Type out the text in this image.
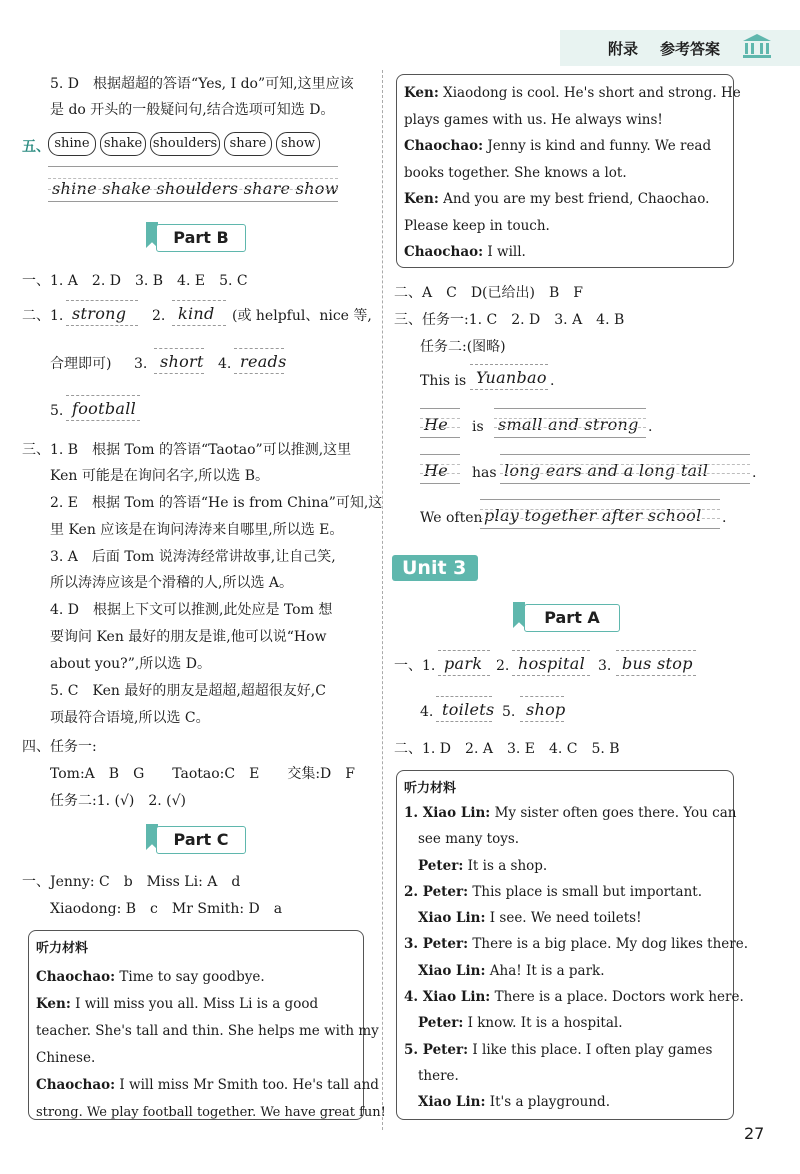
附录 参考答案
5. D　根据超超的答语“Yes, I do”可知,这里应该
是 do 开头的一般疑问句,结合选项可知选 D。
五、 shine	shake shoulders share	show
shine shake shoulders share show
Part B
一、1. A　2. D　3. B　4. E　5. C
二、1. strong 2. kind (或 helpful、nice 等,
合理即可) 3. short 4. reads
5. football
三、1. B　根据 Tom 的答语“Taotao”可以推测,这里
Ken 可能是在询问名字,所以选 B。
2. E　根据 Tom 的答语“He is from China”可知,这
里 Ken 应该是在询问涛涛来自哪里,所以选 E。
3. A　后面 Tom 说涛涛经常讲故事,让自己笑,
所以涛涛应该是个滑稽的人,所以选 A。
4. D　根据上下文可以推测,此处应是 Tom 想
要询问 Ken 最好的朋友是谁,他可以说“How
about you?”,所以选 D。
5. C　Ken 最好的朋友是超超,超超很友好,C
项最符合语境,所以选 C。
四、任务一:
Tom:A　B　G　　Taotao:C　E　　交集:D　F
任务二:1. (√)　2. (√)
Part C
一、Jenny: C　b　Miss Li: A　d
Xiaodong: B　c　Mr Smith: D　a
听力材料
Chaochao: Time to say goodbye.
Ken: I will miss you all. Miss Li is a good
teacher. She's tall and thin. She helps me with my
Chinese.
Chaochao: I will miss Mr Smith too. He's tall and
strong. We play football together. We have great fun!
Ken: Xiaodong is cool. He's short and strong. He
plays games with us. He always wins!
Chaochao: Jenny is kind and funny. We read
books together. She knows a lot.
Ken: And you are my best friend, Chaochao.
Please keep in touch.
Chaochao: I will.
二、A　C　D(已给出)　B　F
三、任务一:1. C　2. D　3. A　4. B
任务二:(图略)
This is Yuanbao .
He is small and strong .
He has long ears and a long tail	.
We often play together after school .
Unit 3
Part A
一、1. park 2. hospital 3. bus stop
4. toilets 5. shop
二、1. D　2. A　3. E　4. C　5. B
听力材料
1. Xiao Lin: My sister often goes there. You can
see many toys.
Peter: It is a shop.
2. Peter: This place is small but important.
Xiao Lin: I see. We need toilets!
3. Peter: There is a big place. My dog likes there.
Xiao Lin: Aha! It is a park.
4. Xiao Lin: There is a place. Doctors work here.
Peter: I know. It is a hospital.
5. Peter: I like this place. I often play games
there.
Xiao Lin: It's a playground.
27
